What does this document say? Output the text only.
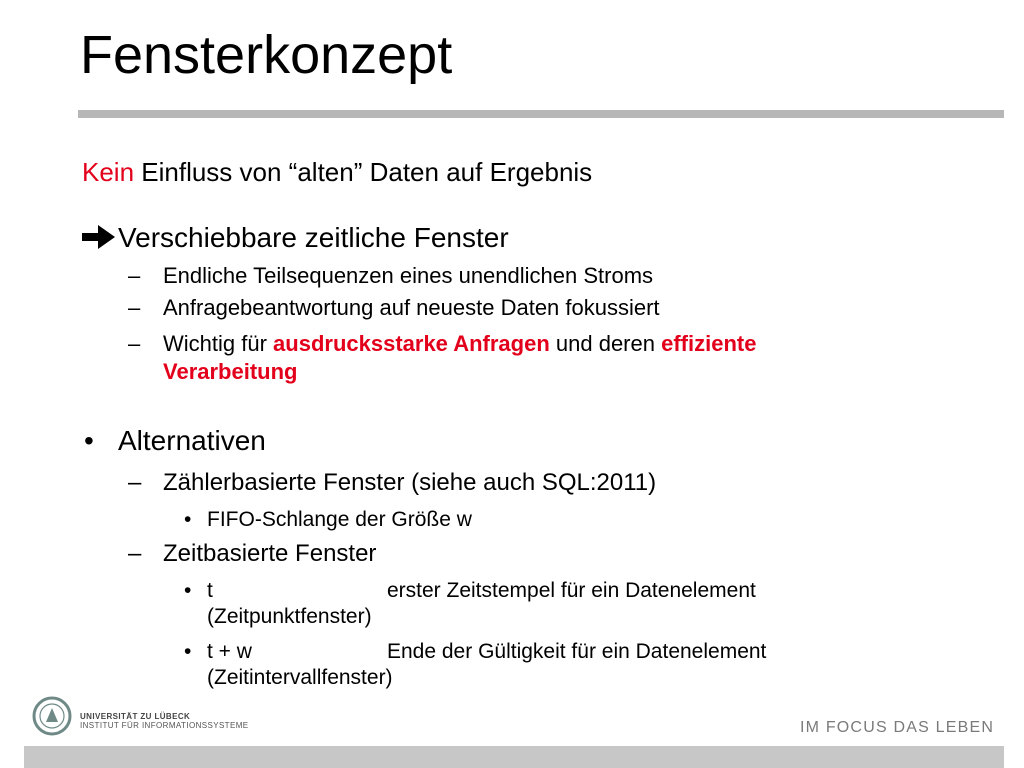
Fensterkonzept
Kein Einfluss von “alten” Daten auf Ergebnis
Verschiebbare zeitliche Fenster
– Endliche Teilsequenzen eines unendlichen Stroms
– Anfragebeantwortung auf neueste Daten fokussiert
– Wichtig für ausdrucksstarke Anfragen und deren effiziente
Verarbeitung
• Alternativen
– Zählerbasierte Fenster (siehe auch SQL:2011)
• FIFO-Schlange der Größe w
– Zeitbasierte Fenster
• t	erster Zeitstempel für ein Datenelement
(Zeitpunktfenster)
• t + w	Ende der Gültigkeit für ein Datenelement
(Zeitintervallfenster)
UNIVERSITÄT ZU LÜBECK
INSTITUT FÜR INFORMATIONSSYSTEME	IM FOCUS DAS LEBEN
